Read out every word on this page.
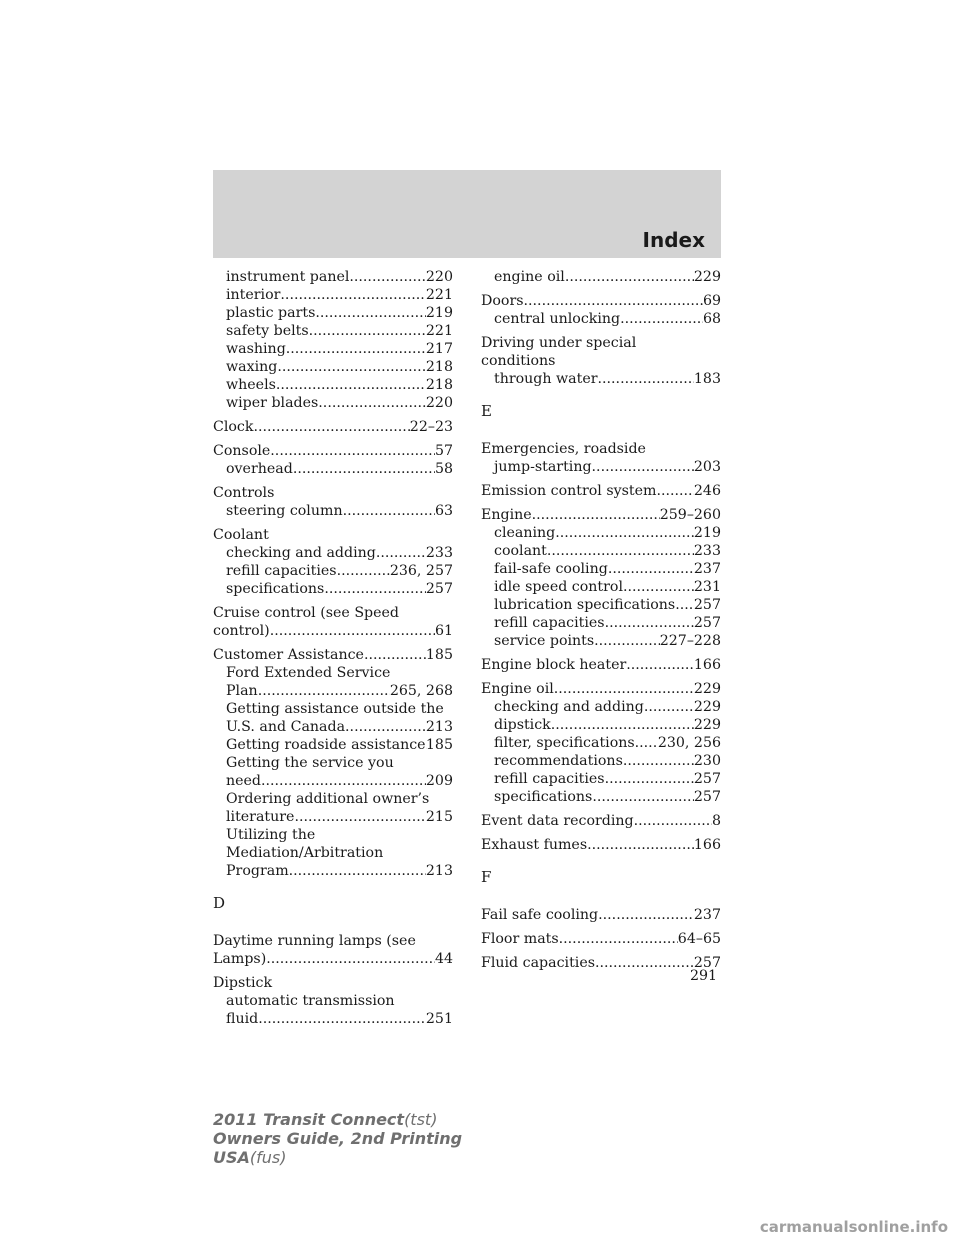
Index
instrument panel .....	220
interior .....	221
plastic parts .....	219
safety belts .....	221
washing .....	217
waxing .....	218
wheels .....	218
wiper blades .....	220
Clock .....	22–23
Console .....	57
overhead .....	58
Controls
steering column .....	63
Coolant
checking and adding .....	233
refill capacities .....	236, 257
specifications .....	257
Cruise control (see Speed
control) .....	61
Customer Assistance .....	185
Ford Extended Service
Plan .....	265, 268
Getting assistance outside the
U.S. and Canada .....	213
Getting roadside assistance ..... 185
Getting the service you
need .....	209
Ordering additional owner’s
literature .....	215
Utilizing the
Mediation/Arbitration
Program .....	213
D
Daytime running lamps (see
Lamps) .....	44
Dipstick
automatic transmission
fluid .....	251
engine oil .....	229
Doors .....	69
central unlocking .....	68
Driving under special
conditions
through water .....	183
E
Emergencies, roadside
jump-starting .....	203
Emission control system .....	246
Engine .....	259–260
cleaning .....	219
coolant .....	233
fail-safe cooling .....	237
idle speed control .....	231
lubrication specifications ..... 257
refill capacities .....	257
service points .....	227–228
Engine block heater .....	166
Engine oil .....	229
checking and adding .....	229
dipstick .....	229
filter, specifications ..... 230, 256
recommendations .....	230
refill capacities .....	257
specifications .....	257
Event data recording .....	8
Exhaust fumes .....	166
F
Fail safe cooling .....	237
Floor mats .....	64–65
Fluid capacities .....	257
291
2011 Transit Connect(tst)
Owners Guide, 2nd Printing
USA(fus)
carmanualsonline.info
